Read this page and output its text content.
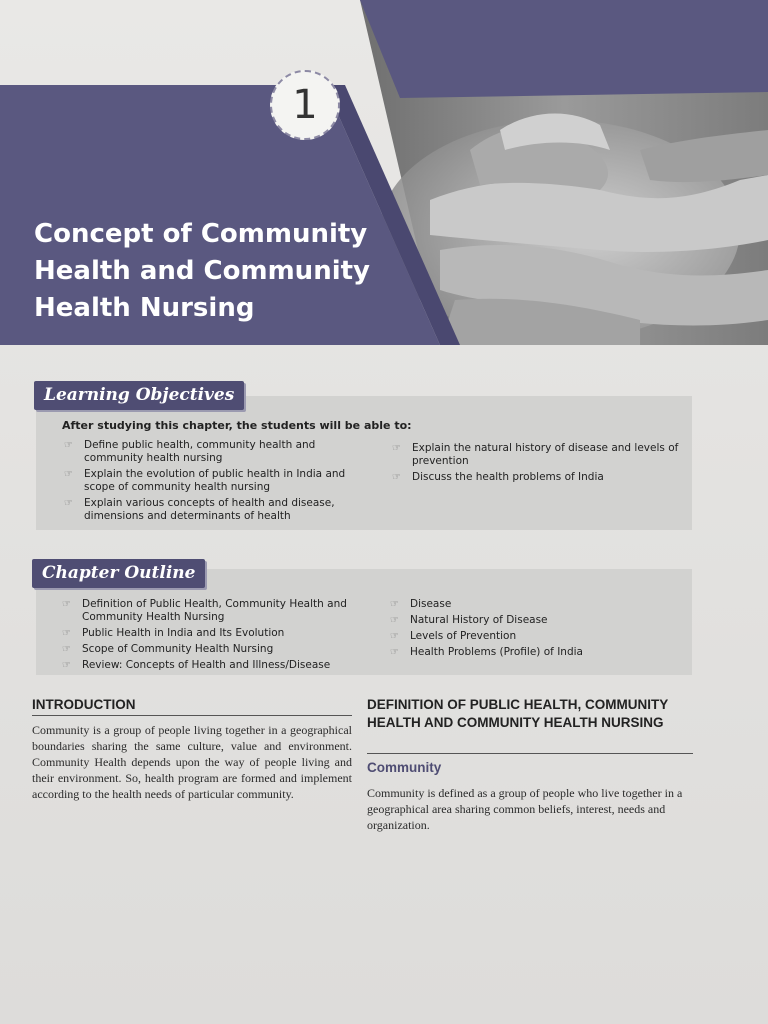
1
Concept of Community
Health and Community
Health Nursing
Learning Objectives
After studying this chapter, the students will be able to:
☞ Define public health, community health and community health nursing
☞ Explain the evolution of public health in India and scope of community health nursing
☞ Explain various concepts of health and disease, dimensions and determinants of health
☞ Explain the natural history of disease and levels of prevention
☞ Discuss the health problems of India
Chapter Outline
☞ Definition of Public Health, Community Health and Community Health Nursing
☞ Public Health in India and Its Evolution
☞ Scope of Community Health Nursing
☞ Review: Concepts of Health and Illness/Disease
☞ Disease
☞ Natural History of Disease
☞ Levels of Prevention
☞ Health Problems (Profile) of India
INTRODUCTION
Community is a group of people living together in a geographical boundaries sharing the same culture, value and environment. Community Health depends upon the way of people living and their environment. So, health program are formed and implement according to the health needs of particular community.
DEFINITION OF PUBLIC HEALTH, COMMUNITY HEALTH AND COMMUNITY HEALTH NURSING
Community
Community is defined as a group of people who live together in a geographical area sharing common beliefs, interest, needs and organization.
